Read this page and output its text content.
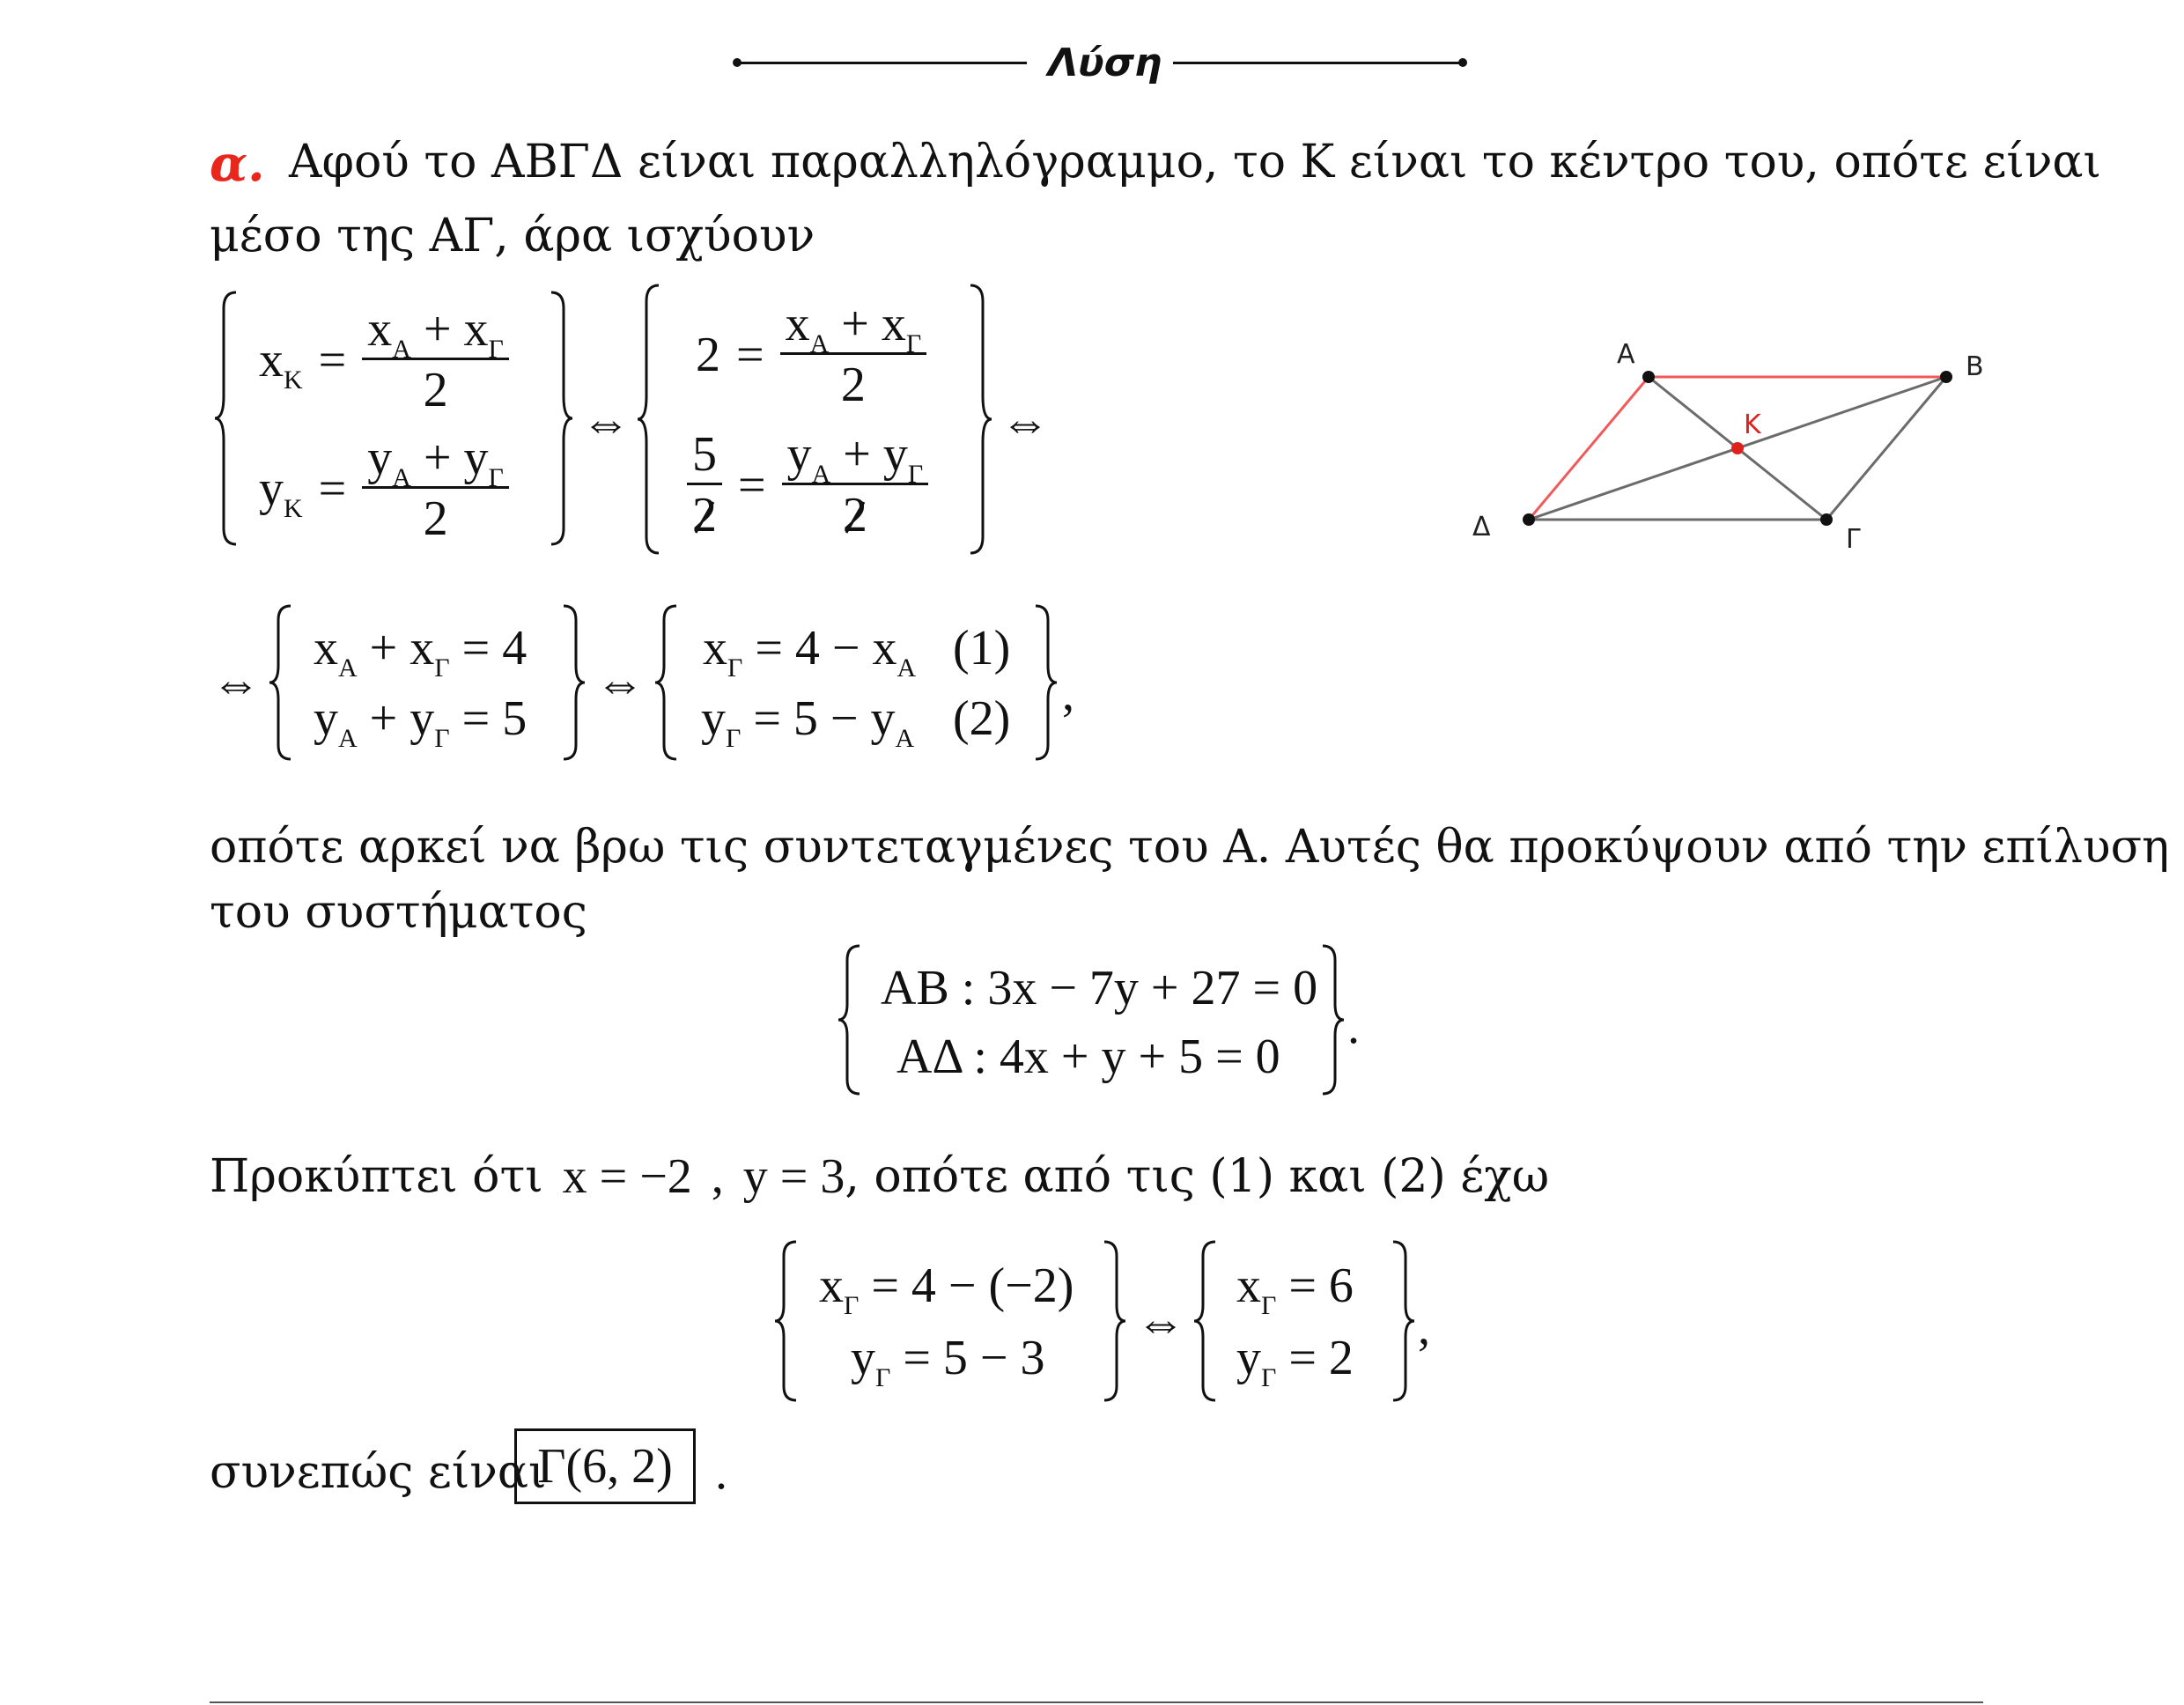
Λύση
α. Αφού το ΑΒΓΔ είναι παραλληλόγραμμο, το Κ είναι το κέντρο του, οπότε είναι
μέσο της ΑΓ, άρα ισχύουν
$x_K = \frac{x_A + x_\Gamma}{2}$
$y_K = \frac{y_A + y_\Gamma}{2}$
⇔
$2 = \frac{x_A + x_\Gamma}{2}$
$\frac{5}{2} = \frac{y_A + y_\Gamma}{2}$
⇔
Α	Β
Γ
Δ
Κ
⇔
$x_A + x_\Gamma = 4$
$y_A + y_\Gamma = 5$
⇔
$x_\Gamma = 4 - x_A$ (1)
$y_\Gamma = 5 - y_A$ (2) ,
οπότε αρκεί να βρω τις συντεταγμένες του Α. Αυτές θα προκύψουν από την επίλυση
του συστήματος
AB : 3x − 7y + 27 = 0
AΔ : 4x + y + 5 = 0
.
Προκύπτει ότι x = −2 , y = 3 , οπότε από τις (1) και (2) έχω
$x_\Gamma = 4 - (-2)$
$y_\Gamma = 5 - 3$
⇔
$x_\Gamma = 6$
$y_\Gamma = 2$
,
συνεπώς είναι
Γ(6, 2) .
